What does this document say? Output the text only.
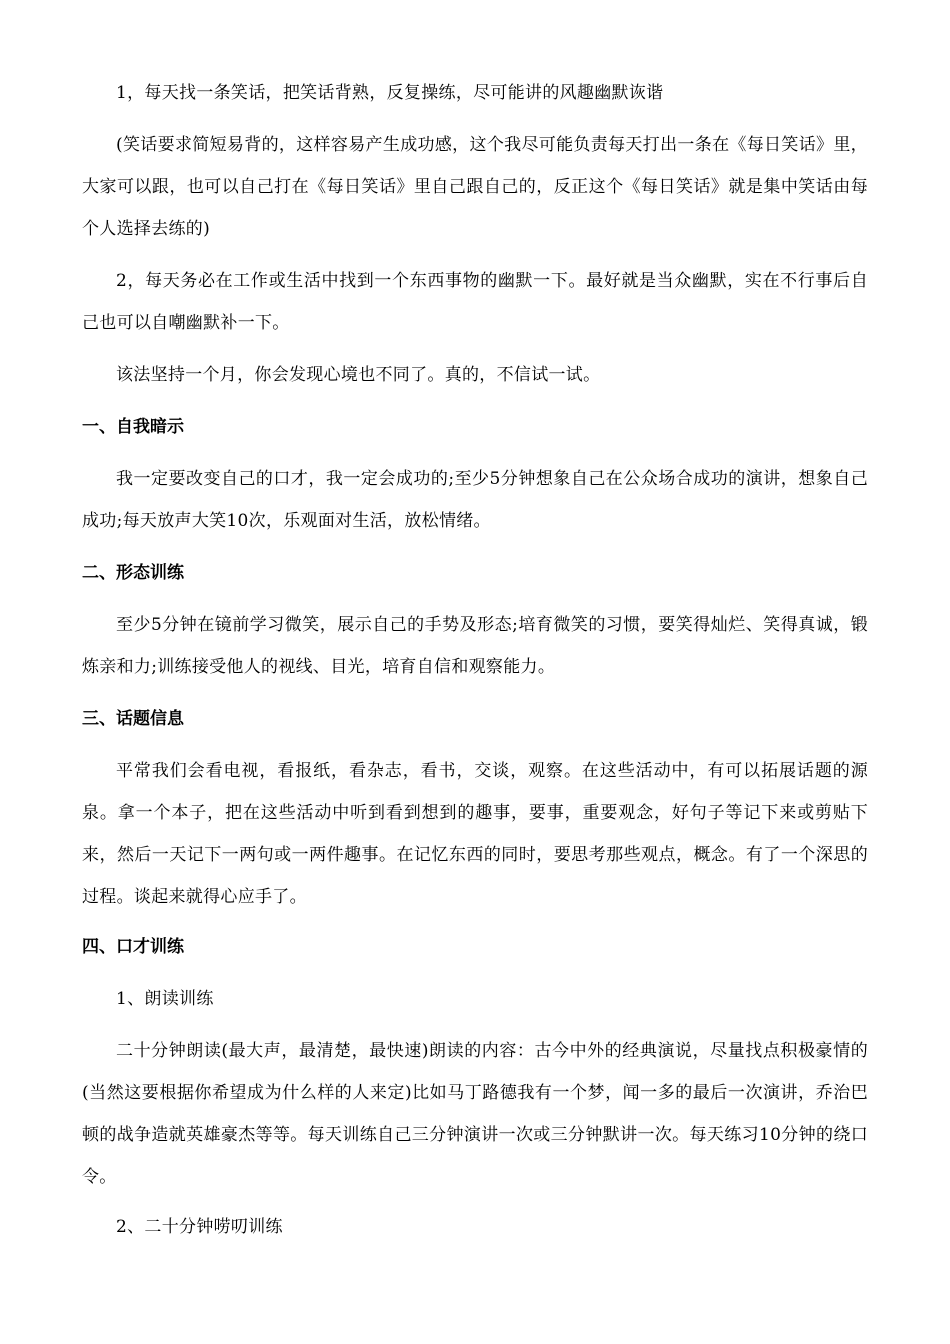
1，每天找一条笑话，把笑话背熟，反复操练，尽可能讲的风趣幽默诙谐

(笑话要求简短易背的，这样容易产生成功感，这个我尽可能负责每天打出一条在《每日笑话》里，大家可以跟，也可以自己打在《每日笑话》里自己跟自己的，反正这个《每日笑话》就是集中笑话由每个人选择去练的)

2，每天务必在工作或生活中找到一个东西事物的幽默一下。最好就是当众幽默，实在不行事后自己也可以自嘲幽默补一下。

该法坚持一个月，你会发现心境也不同了。真的，不信试一试。

一、自我暗示

我一定要改变自己的口才，我一定会成功的;至少5分钟想象自己在公众场合成功的演讲，想象自己成功;每天放声大笑10次，乐观面对生活，放松情绪。

二、形态训练

至少5分钟在镜前学习微笑，展示自己的手势及形态;培育微笑的习惯，要笑得灿烂、笑得真诚，锻炼亲和力;训练接受他人的视线、目光，培育自信和观察能力。

三、话题信息

平常我们会看电视，看报纸，看杂志，看书，交谈，观察。在这些活动中，有可以拓展话题的源泉。拿一个本子，把在这些活动中听到看到想到的趣事，要事，重要观念，好句子等记下来或剪贴下来，然后一天记下一两句或一两件趣事。在记忆东西的同时，要思考那些观点，概念。有了一个深思的过程。谈起来就得心应手了。

四、口才训练

1、朗读训练

二十分钟朗读(最大声，最清楚，最快速)朗读的内容：古今中外的经典演说，尽量找点积极豪情的(当然这要根据你希望成为什么样的人来定)比如马丁路德我有一个梦，闻一多的最后一次演讲，乔治巴顿的战争造就英雄豪杰等等。每天训练自己三分钟演讲一次或三分钟默讲一次。每天练习10分钟的绕口令。

2、二十分钟唠叨训练
